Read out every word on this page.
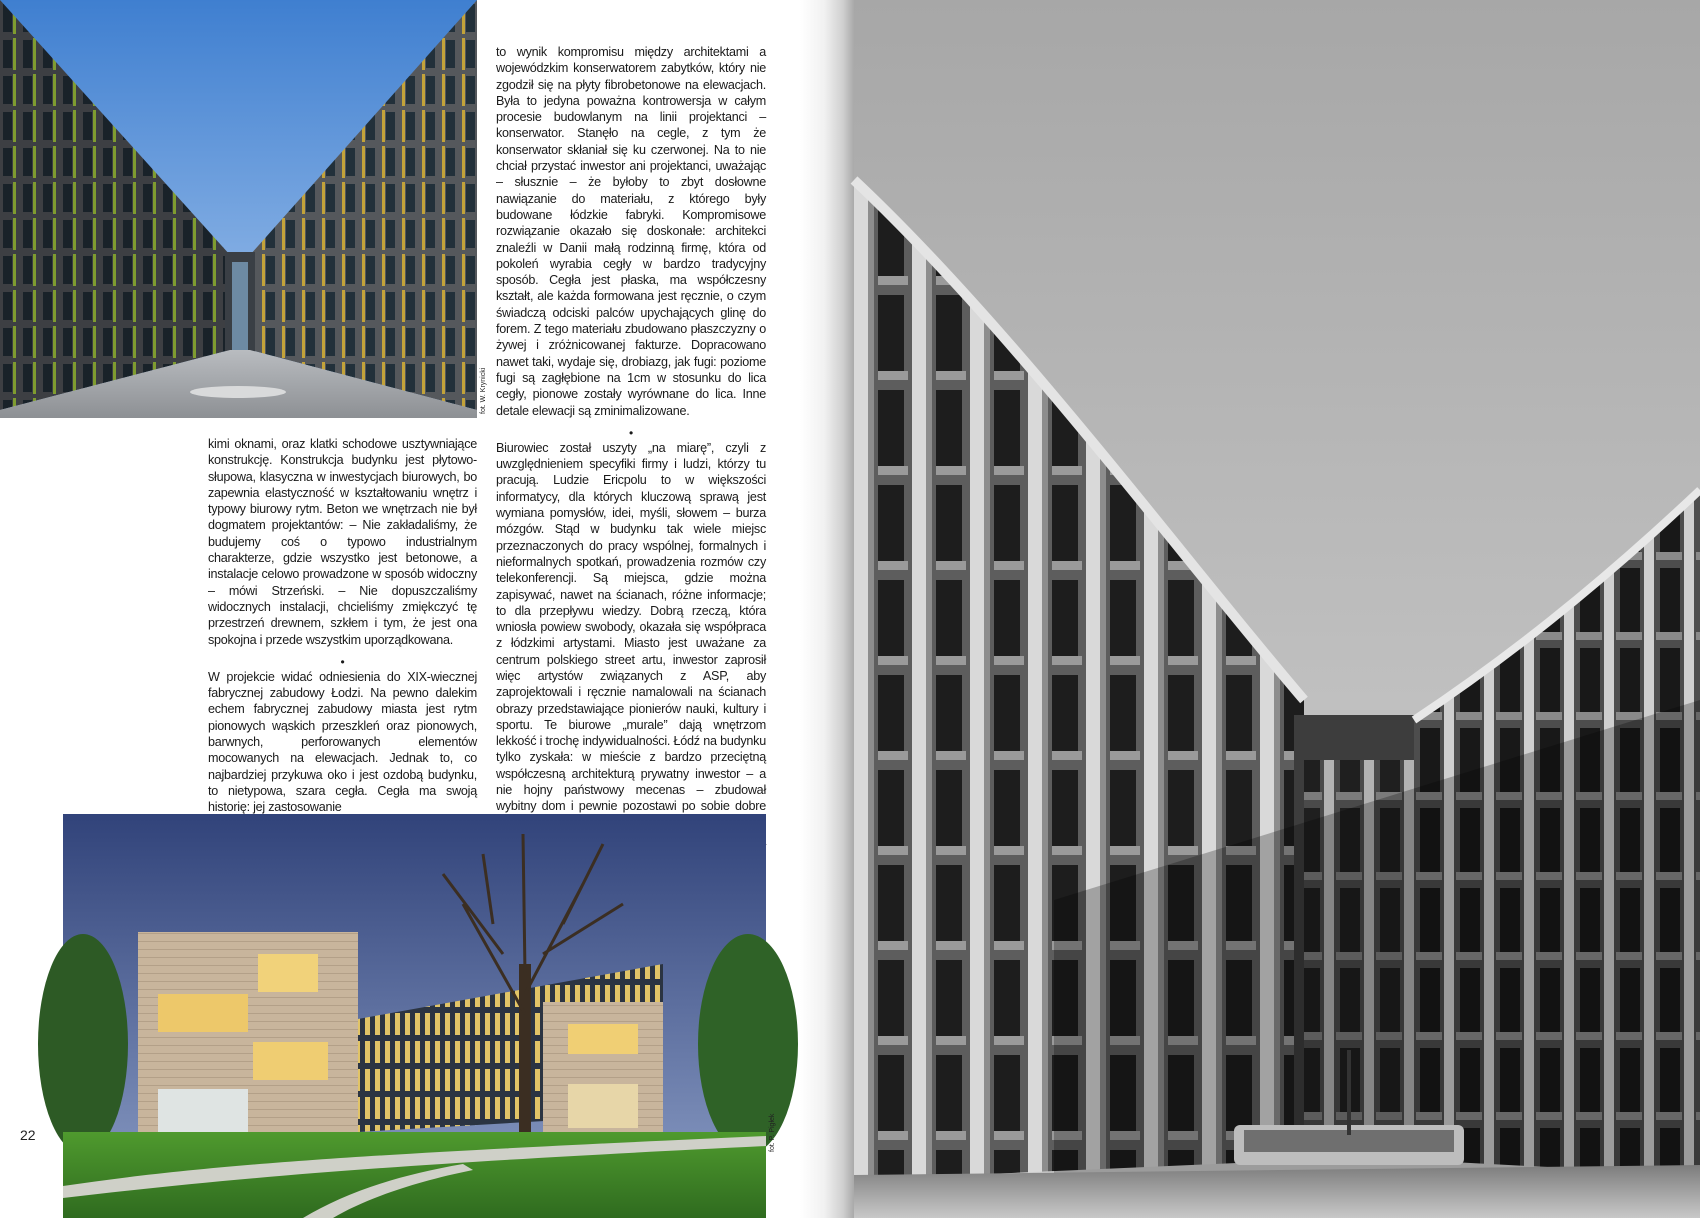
fot. W. Krynicki

kimi oknami, oraz klatki schodowe usztywniające konstrukcję. Konstrukcja budynku jest płytowo-słupowa, klasyczna w inwestycjach biurowych, bo zapewnia elastyczność w kształtowaniu wnętrz i typowy biurowy rytm. Beton we wnętrzach nie był dogmatem projektantów: – Nie zakładaliśmy, że budujemy coś o typowo industrialnym charakterze, gdzie wszystko jest betonowe, a instalacje celowo prowadzone w sposób widoczny – mówi Strzeński. – Nie dopuszczaliśmy widocznych instalacji, chcieliśmy zmiękczyć tę przestrzeń drewnem, szkłem i tym, że jest ona spokojna i przede wszystkim uporządkowana.

•

W projekcie widać odniesienia do XIX-wiecznej fabrycznej zabudowy Łodzi. Na pewno dalekim echem fabrycznej zabudowy miasta jest rytm pionowych wąskich przeszkleń oraz pionowych, barwnych, perforowanych elementów mocowanych na elewacjach. Jednak to, co najbardziej przykuwa oko i jest ozdobą budynku, to nietypowa, szara cegła. Cegła ma swoją historię: jej zastosowanie

to wynik kompromisu między architektami a wojewódzkim konserwatorem zabytków, który nie zgodził się na płyty fibrobetonowe na elewacjach. Była to jedyna poważna kontrowersja w całym procesie budowlanym na linii projektanci – konserwator. Stanęło na cegle, z tym że konserwator skłaniał się ku czerwonej. Na to nie chciał przystać inwestor ani projektanci, uważając – słusznie – że byłoby to zbyt dosłowne nawiązanie do materiału, z którego były budowane łódzkie fabryki. Kompromisowe rozwiązanie okazało się doskonałe: architekci znaleźli w Danii małą rodzinną firmę, która od pokoleń wyrabia cegły w bardzo tradycyjny sposób. Cegła jest płaska, ma współczesny kształt, ale każda formowana jest ręcznie, o czym świadczą odciski palców upychających glinę do forem. Z tego materiału zbudowano płaszczyzny o żywej i zróżnicowanej fakturze. Dopracowano nawet taki, wydaje się, drobiazg, jak fugi: poziome fugi są zagłębione na 1cm w stosunku do lica cegły, pionowe zostały wyrównane do lica. Inne detale elewacji są zminimalizowane.

•

Biurowiec został uszyty „na miarę”, czyli z uwzględnieniem specyfiki firmy i ludzi, którzy tu pracują. Ludzie Ericpolu to w większości informatycy, dla których kluczową sprawą jest wymiana pomysłów, idei, myśli, słowem – burza mózgów. Stąd w budynku tak wiele miejsc przeznaczonych do pracy wspólnej, formalnych i nieformalnych spotkań, prowadzenia rozmów czy telekonferencji. Są miejsca, gdzie można zapisywać, nawet na ścianach, różne informacje; to dla przepływu wiedzy. Dobrą rzeczą, która wniosła powiew swobody, okazała się współpraca z łódzkimi artystami. Miasto jest uważane za centrum polskiego street artu, inwestor zaprosił więc artystów związanych z ASP, aby zaprojektowali i ręcznie namalowali na ścianach obrazy przedstawiające pionierów nauki, kultury i sportu. Te biurowe „murale” dają wnętrzom lekkość i trochę indywidualności. Łódź na budynku tylko zyskała: w mieście z bardzo przeciętną współczesną architekturą prywatny inwestor – a nie hojny państwowy mecenas – zbudował wybitny dom i pewnie pozostawi po sobie dobre

fot. P. Pigłek
22
